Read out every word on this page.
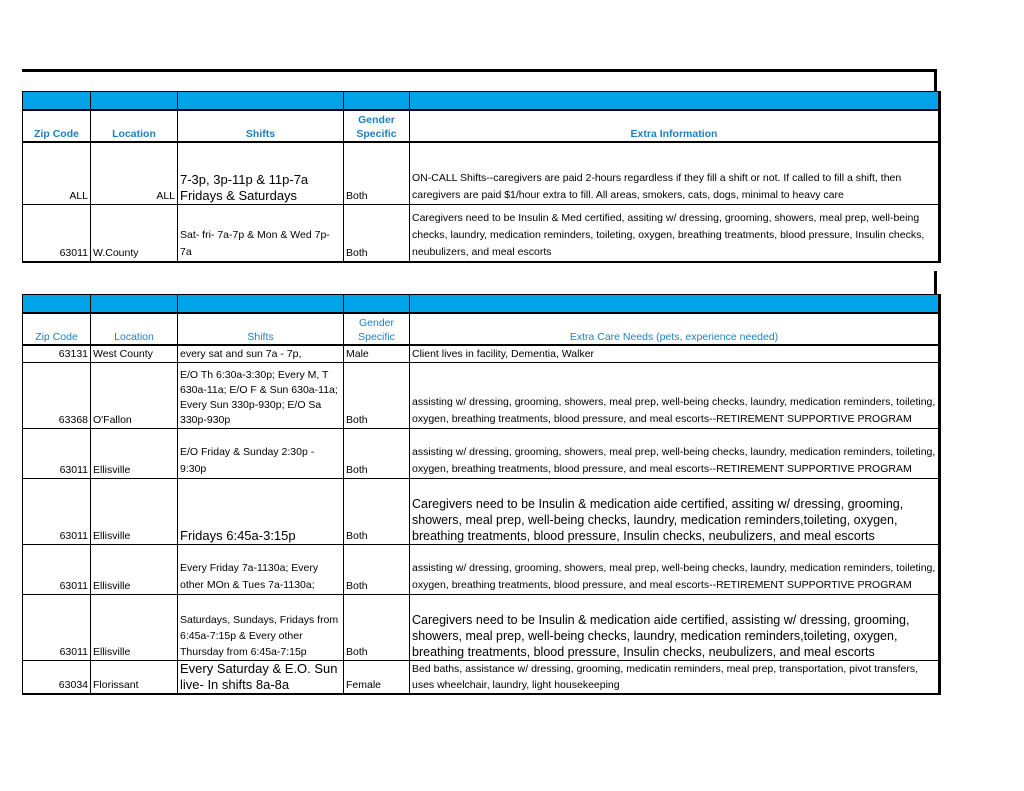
Zip Code	Location	Shifts	Gender Specific	Extra Information
ALL	ALL	7-3p, 3p-11p & 11p-7a Fridays & Saturdays	Both	ON-CALL Shifts--caregivers are paid 2-hours regardless if they fill a shift or not. If called to fill a shift, then caregivers are paid $1/hour extra to fill. All areas, smokers, cats, dogs, minimal to heavy care
63011	W.County	Sat- fri- 7a-7p & Mon & Wed 7p-7a	Both	Caregivers need to be Insulin & Med certified, assiting w/ dressing, grooming, showers, meal prep, well-being checks, laundry, medication reminders, toileting, oxygen, breathing treatments, blood pressure, Insulin checks, neubulizers, and meal escorts

Zip Code	Location	Shifts	Gender Specific	Extra Care Needs (pets, experience needed)
63131	West County	every sat and sun 7a - 7p,	Male	Client lives in facility, Dementia, Walker
63368	O'Fallon	E/O Th 6:30a-3:30p; Every M, T 630a-11a; E/O F & Sun 630a-11a; Every Sun 330p-930p; E/O Sa 330p-930p	Both	assisting w/ dressing, grooming, showers, meal prep, well-being checks, laundry, medication reminders, toileting, oxygen, breathing treatments, blood pressure, and meal escorts--RETIREMENT SUPPORTIVE PROGRAM
63011	Ellisville	E/O Friday & Sunday 2:30p - 9:30p	Both	assisting w/ dressing, grooming, showers, meal prep, well-being checks, laundry, medication reminders, toileting, oxygen, breathing treatments, blood pressure, and meal escorts--RETIREMENT SUPPORTIVE PROGRAM
63011	Ellisville	Fridays 6:45a-3:15p	Both	Caregivers need to be Insulin & medication aide certified, assiting w/ dressing, grooming, showers, meal prep, well-being checks, laundry, medication reminders,toileting, oxygen, breathing treatments, blood pressure, Insulin checks, neubulizers, and meal escorts
63011	Ellisville	Every Friday 7a-1130a; Every other MOn & Tues 7a-1130a;	Both	assisting w/ dressing, grooming, showers, meal prep, well-being checks, laundry, medication reminders, toileting, oxygen, breathing treatments, blood pressure, and meal escorts--RETIREMENT SUPPORTIVE PROGRAM
63011	Ellisville	Saturdays, Sundays, Fridays from 6:45a-7:15p & Every other Thursday from 6:45a-7:15p	Both	Caregivers need to be Insulin & medication aide certified, assisting w/ dressing, grooming, showers, meal prep, well-being checks, laundry, medication reminders,toileting, oxygen, breathing treatments, blood pressure, Insulin checks, neubulizers, and meal escorts
63034	Florissant	Every Saturday & E.O. Sun live- In shifts 8a-8a	Female	Bed baths, assistance w/ dressing, grooming, medicatin reminders, meal prep, transportation, pivot transfers, uses wheelchair, laundry, light housekeeping
